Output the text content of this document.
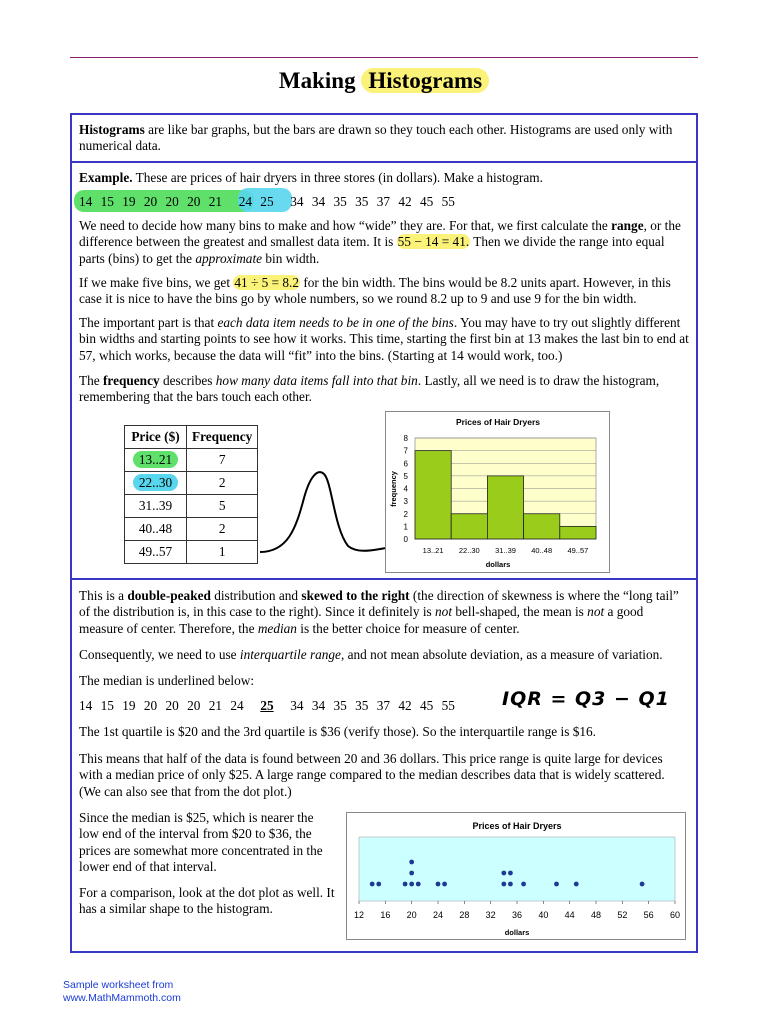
Making Histograms

Histograms are like bar graphs, but the bars are drawn so they touch each other. Histograms are used only with numerical data.

Example. These are prices of hair dryers in three stores (in dollars). Make a histogram.

14 15 19 20 20 20 21 24 25 34 34 35 35 37 42 45 55

We need to decide how many bins to make and how “wide” they are. For that, we first calculate the range, or the difference between the greatest and smallest data item. It is 55 − 14 = 41. Then we divide the range into equal parts (bins) to get the approximate bin width.

If we make five bins, we get 41 ÷ 5 = 8.2 for the bin width. The bins would be 8.2 units apart. However, in this case it is nice to have the bins go by whole numbers, so we round 8.2 up to 9 and use 9 for the bin width.

The important part is that each data item needs to be in one of the bins. You may have to try out slightly different bin widths and starting points to see how it works. This time, starting the first bin at 13 makes the last bin to end at 57, which works, because the data will “fit” into the bins. (Starting at 14 would work, too.)

The frequency describes how many data items fall into that bin. Lastly, all we need is to draw the histogram, remembering that the bars touch each other.

Price ($)	Frequency
13..21	7
22..30	2
31..39	5
40..48	2
49..57	1
0
1
2
3
4
5
6
7
8
13..21 22..30 31..39 40..48 49..57
Prices of Hair Dryers
dollars
frequency

This is a double-peaked distribution and skewed to the right (the direction of skewness is where the “long tail” of the distribution is, in this case to the right). Since it definitely is not bell-shaped, the mean is not a good measure of center. Therefore, the median is the better choice for measure of center.

Consequently, we need to use interquartile range, and not mean absolute deviation, as a measure of variation.

The median is underlined below:

14 15 19 20 20 20 21 24 25 34 34 35 35 37 42 45 55 IQR = Q3 − Q1

The 1st quartile is $20 and the 3rd quartile is $36 (verify those). So the interquartile range is $16.

This means that half of the data is found between 20 and 36 dollars. This price range is quite large for devices with a median price of only $25. A large range compared to the median describes data that is widely scattered. (We can also see that from the dot plot.)

Since the median is $25, which is nearer the low end of the interval from $20 to $36, the prices are somewhat more concentrated in the lower end of that interval.

For a comparison, look at the dot plot as well. It has a similar shape to the histogram.	12 16 20 24 28 32 36 40 44 48 52 56 60
Prices of Hair Dryers
dollars
Sample worksheet from
www.MathMammoth.com
